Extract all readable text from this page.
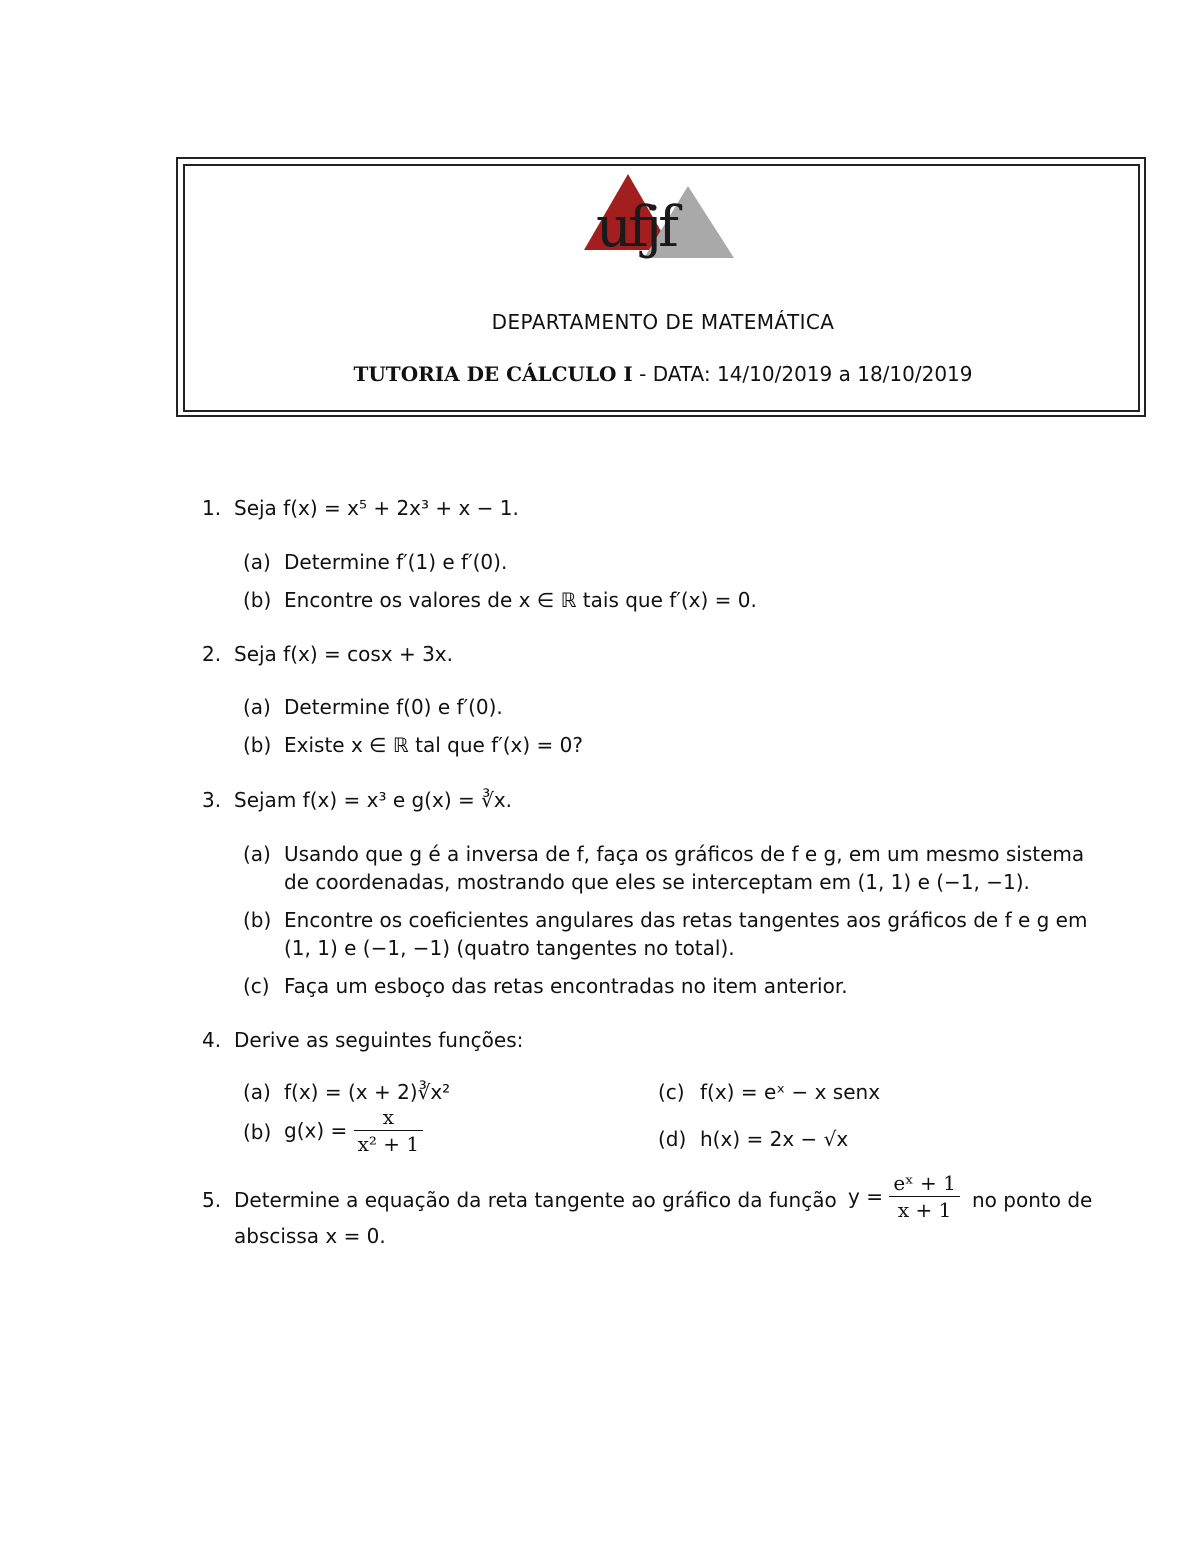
ufjf
DEPARTAMENTO DE MATEMÁTICA
TUTORIA DE CÁLCULO I - DATA: 14/10/2019 a 18/10/2019
1. Seja f(x) = x⁵ + 2x³ + x − 1.
(a) Determine f′(1) e f′(0).
(b) Encontre os valores de x ∈ ℝ tais que f′(x) = 0.
2. Seja f(x) = cosx + 3x.
(a) Determine f(0) e f′(0).
(b) Existe x ∈ ℝ tal que f′(x) = 0?
3. Sejam f(x) = x³ e g(x) = ∛x.
(a) Usando que g é a inversa de f, faça os gráficos de f e g, em um mesmo sistema
de coordenadas, mostrando que eles se interceptam em (1, 1) e (−1, −1).
(b) Encontre os coeficientes angulares das retas tangentes aos gráficos de f e g em
(1, 1) e (−1, −1) (quatro tangentes no total).
(c) Faça um esboço das retas encontradas no item anterior.
4. Derive as seguintes funções:
(a) f(x) = (x + 2)∛x²	(c) f(x) = eˣ − x senx
(b) $g(x) = \frac{x}{\text{x² + 1}}$	(d) h(x) = 2x − √x
5. Determine a equação da reta tangente ao gráfico da função $y = \frac{\text{eˣ + 1}}{x + 1}$ no ponto de
abscissa x = 0.
